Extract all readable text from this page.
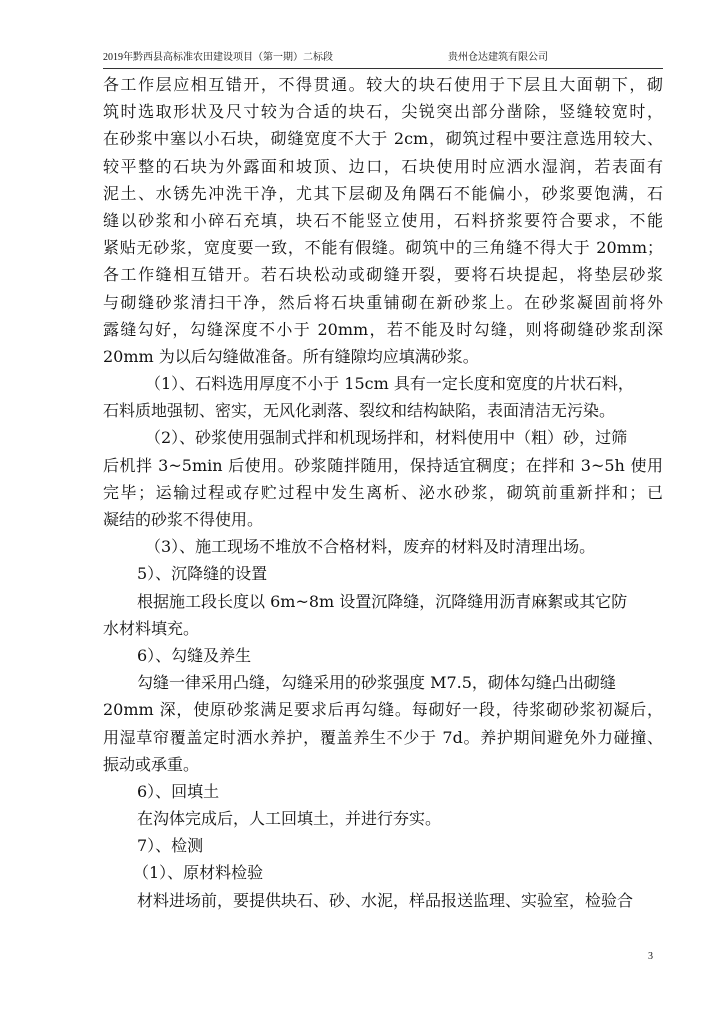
2019年黔西县高标准农田建设项目（第一期）二标段	贵州仓达建筑有限公司
各工作层应相互错开，不得贯通。较大的块石使用于下层且大面朝下，砌
筑时选取形状及尺寸较为合适的块石，尖锐突出部分凿除，竖缝较宽时，
在砂浆中塞以小石块，砌缝宽度不大于 2cm，砌筑过程中要注意选用较大、
较平整的石块为外露面和坡顶、边口，石块使用时应洒水湿润，若表面有
泥土、水锈先冲洗干净，尤其下层砌及角隅石不能偏小，砂浆要饱满，石
缝以砂浆和小碎石充填，块石不能竖立使用，石料挤浆要符合要求，不能
紧贴无砂浆，宽度要一致，不能有假缝。砌筑中的三角缝不得大于 20mm；
各工作缝相互错开。若石块松动或砌缝开裂，要将石块提起，将垫层砂浆
与砌缝砂浆清扫干净，然后将石块重铺砌在新砂浆上。在砂浆凝固前将外
露缝勾好，勾缝深度不小于 20mm，若不能及时勾缝，则将砌缝砂浆刮深
20mm 为以后勾缝做准备。所有缝隙均应填满砂浆。
（1）、石料选用厚度不小于 15cm 具有一定长度和宽度的片状石料，
石料质地强韧、密实，无风化剥落、裂纹和结构缺陷，表面清洁无污染。
（2）、砂浆使用强制式拌和机现场拌和，材料使用中（粗）砂，过筛
后机拌 3~5min 后使用。砂浆随拌随用，保持适宜稠度；在拌和 3~5h 使用
完毕；运输过程或存贮过程中发生离析、泌水砂浆，砌筑前重新拌和；已
凝结的砂浆不得使用。
（3）、施工现场不堆放不合格材料，废弃的材料及时清理出场。
5）、沉降缝的设置
根据施工段长度以 6m~8m 设置沉降缝，沉降缝用沥青麻絮或其它防
水材料填充。
6）、勾缝及养生
勾缝一律采用凸缝，勾缝采用的砂浆强度 M7.5，砌体勾缝凸出砌缝
20mm 深，使原砂浆满足要求后再勾缝。每砌好一段，待浆砌砂浆初凝后，
用湿草帘覆盖定时洒水养护，覆盖养生不少于 7d。养护期间避免外力碰撞、
振动或承重。
6）、回填土
在沟体完成后，人工回填土，并进行夯实。
7）、检测
（1）、原材料检验
材料进场前，要提供块石、砂、水泥，样品报送监理、实验室，检验合
3
